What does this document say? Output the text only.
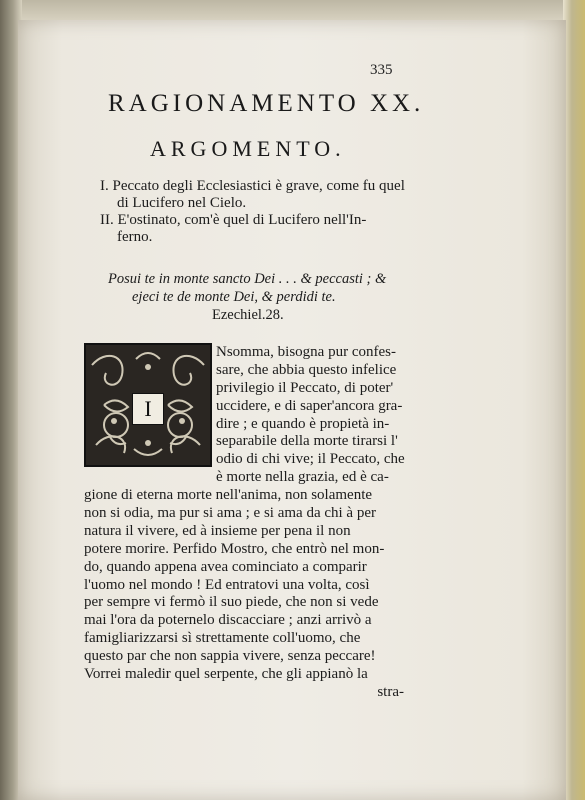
335
RAGIONAMENTO XX.
ARGOMENTO.
I. Peccato degli Ecclesiastici è grave, come fu quel
di Lucifero nel Cielo.
II. E'ostinato, com'è quel di Lucifero nell'In-
ferno.
Posui te in monte sancto Dei . . . & peccasti ; &
ejeci te de monte Dei, & perdidi te.
Ezechiel.28.
I
Nsomma, bisogna pur confes-
sare, che abbia questo infelice
privilegio il Peccato, di poter'
uccidere, e di saper'ancora gra-
dire ; e quando è propietà in-
separabile della morte tirarsi l'
odio di chi vive; il Peccato, che
è morte nella grazia, ed è ca-
gione di eterna morte nell'anima, non solamente
non si odia, ma pur si ama ; e si ama da chi à per
natura il vivere, ed à insieme per pena il non
potere morire. Perfido Mostro, che entrò nel mon-
do, quando appena avea cominciato a comparir
l'uomo nel mondo ! Ed entratovi una volta, così
per sempre vi fermò il suo piede, che non si vede
mai l'ora da poternelo discacciare ; anzi arrivò a
famigliarizzarsi sì strettamente coll'uomo, che
questo par che non sappia vivere, senza peccare!
Vorrei maledir quel serpente, che gli appianò la
stra-
